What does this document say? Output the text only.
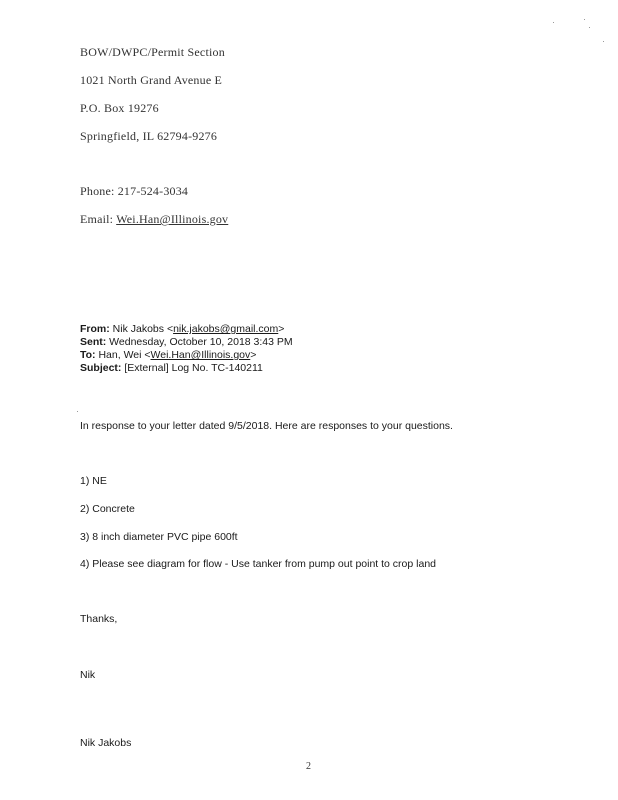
BOW/DWPC/Permit Section
1021 North Grand Avenue E
P.O. Box 19276
Springfield, IL 62794-9276
Phone: 217-524-3034
Email: Wei.Han@Illinois.gov
From: Nik Jakobs <nik.jakobs@gmail.com>
Sent: Wednesday, October 10, 2018 3:43 PM
To: Han, Wei <Wei.Han@Illinois.gov>
Subject: [External] Log No. TC-140211
In response to your letter dated 9/5/2018. Here are responses to your questions.
1) NE
2) Concrete
3) 8 inch diameter PVC pipe 600ft
4) Please see diagram for flow - Use tanker from pump out point to crop land
Thanks,
Nik
Nik Jakobs
2
